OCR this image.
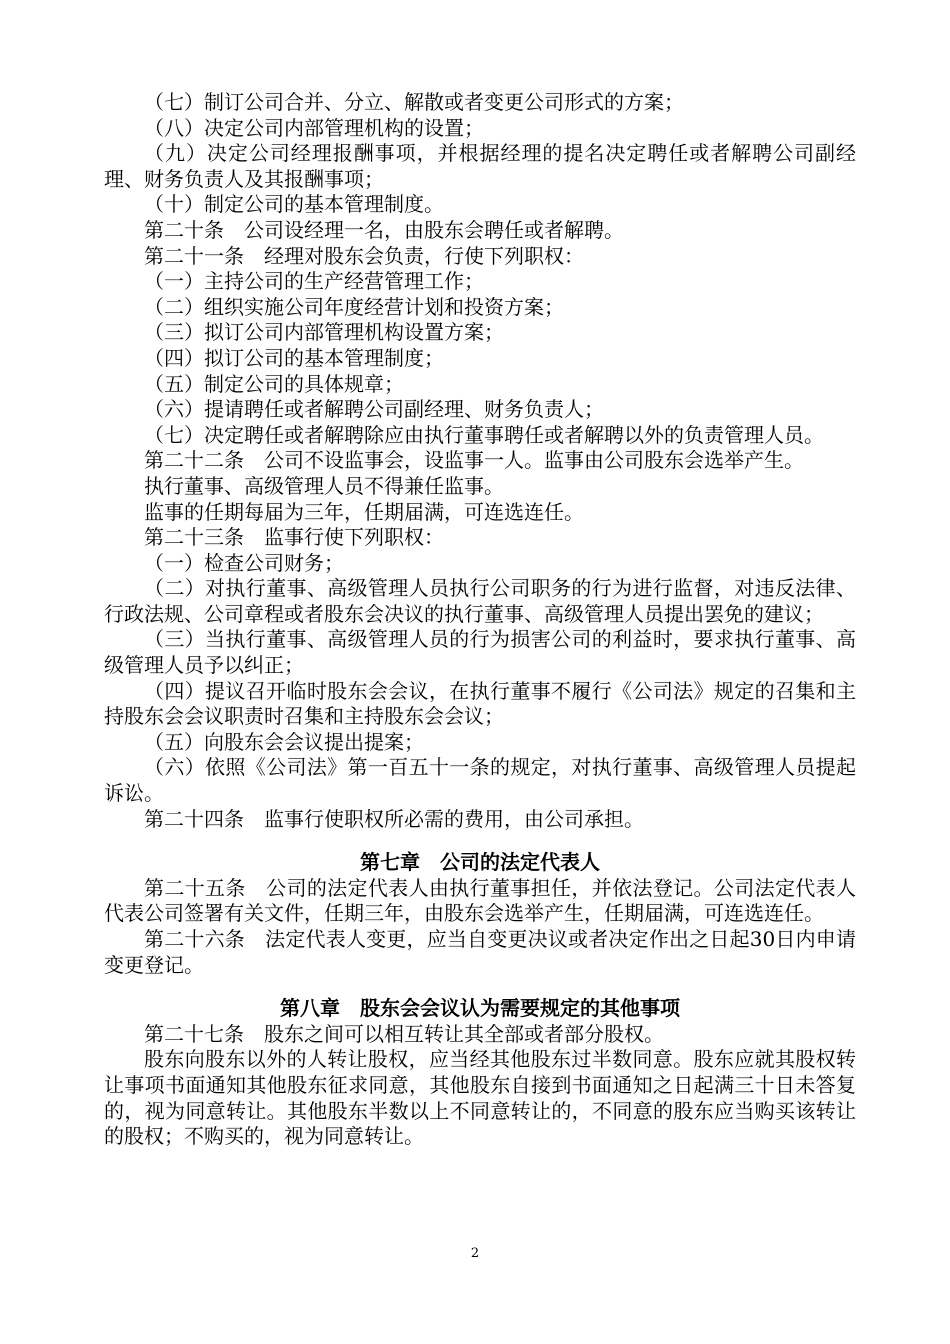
（七）制订公司合并、分立、解散或者变更公司形式的方案；

（八）决定公司内部管理机构的设置；

（九）决定公司经理报酬事项，并根据经理的提名决定聘任或者解聘公司副经理、财务负责人及其报酬事项；

（十）制定公司的基本管理制度。

第二十条　公司设经理一名，由股东会聘任或者解聘。

第二十一条　经理对股东会负责，行使下列职权：

（一）主持公司的生产经营管理工作；

（二）组织实施公司年度经营计划和投资方案；

（三）拟订公司内部管理机构设置方案；

（四）拟订公司的基本管理制度；

（五）制定公司的具体规章；

（六）提请聘任或者解聘公司副经理、财务负责人；

（七）决定聘任或者解聘除应由执行董事聘任或者解聘以外的负责管理人员。

第二十二条　公司不设监事会，设监事一人。监事由公司股东会选举产生。

执行董事、高级管理人员不得兼任监事。

监事的任期每届为三年，任期届满，可连选连任。

第二十三条　监事行使下列职权：

（一）检查公司财务；

（二）对执行董事、高级管理人员执行公司职务的行为进行监督，对违反法律、行政法规、公司章程或者股东会决议的执行董事、高级管理人员提出罢免的建议；

（三）当执行董事、高级管理人员的行为损害公司的利益时，要求执行董事、高级管理人员予以纠正；

（四）提议召开临时股东会会议，在执行董事不履行《公司法》规定的召集和主持股东会会议职责时召集和主持股东会会议；

（五）向股东会会议提出提案；

（六）依照《公司法》第一百五十一条的规定，对执行董事、高级管理人员提起诉讼。

第二十四条　监事行使职权所必需的费用，由公司承担。

第七章　公司的法定代表人

第二十五条　公司的法定代表人由执行董事担任，并依法登记。公司法定代表人代表公司签署有关文件，任期三年，由股东会选举产生，任期届满，可连选连任。

第二十六条　法定代表人变更，应当自变更决议或者决定作出之日起30日内申请变更登记。

第八章　股东会会议认为需要规定的其他事项

第二十七条　股东之间可以相互转让其全部或者部分股权。

股东向股东以外的人转让股权，应当经其他股东过半数同意。股东应就其股权转让事项书面通知其他股东征求同意，其他股东自接到书面通知之日起满三十日未答复的，视为同意转让。其他股东半数以上不同意转让的，不同意的股东应当购买该转让的股权；不购买的，视为同意转让。

2
